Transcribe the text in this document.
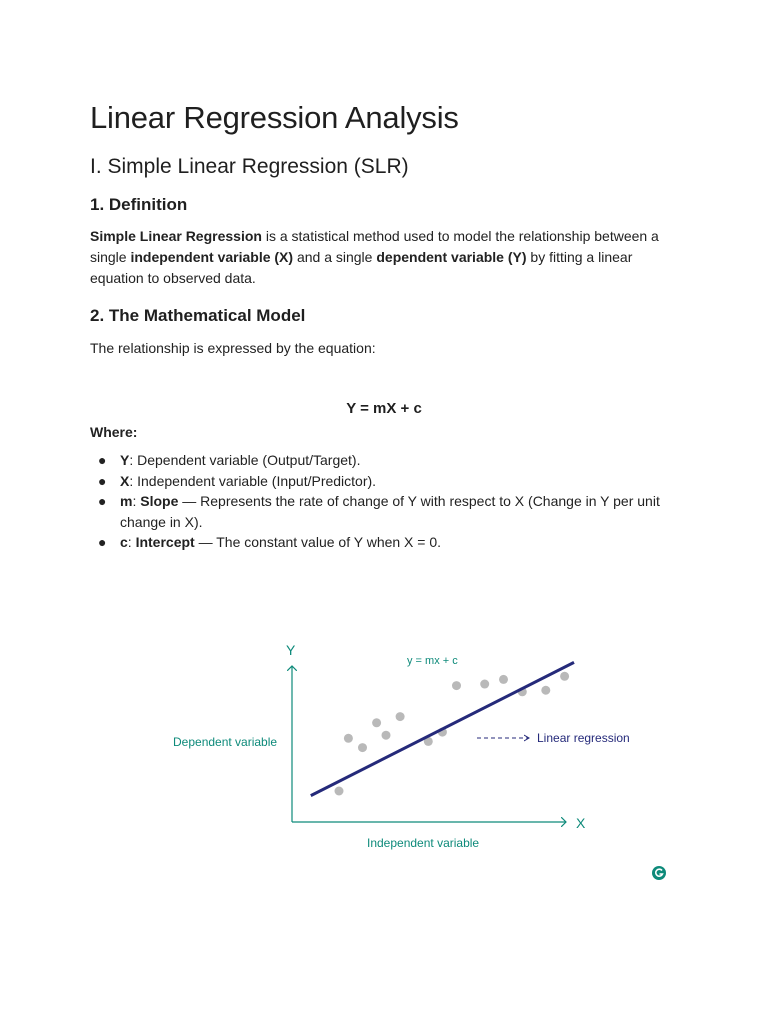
Linear Regression Analysis
I. Simple Linear Regression (SLR)
1. Definition

Simple Linear Regression is a statistical method used to model the relationship between a single independent variable (X) and a single dependent variable (Y) by fitting a linear equation to observed data.

2. The Mathematical Model

The relationship is expressed by the equation:

Y = mX + c
Where:
● Y: Dependent variable (Output/Target).
● X: Independent variable (Input/Predictor).
● m: Slope — Represents the rate of change of Y with respect to X (Change in Y per unit change in X).
● c: Intercept — The constant value of Y when X = 0.
Y
X
y = mx + c
Dependent variable
Independent variable
Linear regression
